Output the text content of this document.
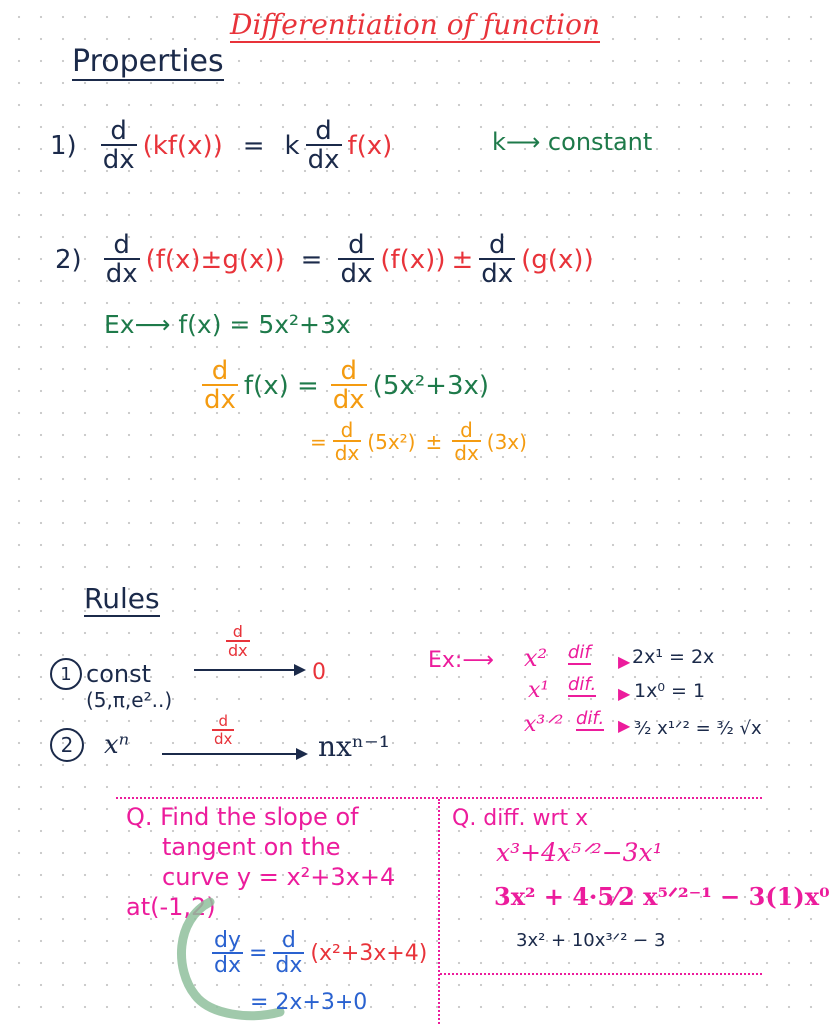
Differentiation of function
Properties
$1) \frac{d}{dx} (kf(x)) = k \frac{d}{dx} f(x)$	k⟶ constant
$2) \frac{d}{dx} (f(x)\pm g(x)) = \frac{d}{dx} (f(x)) \pm \frac{d}{dx} (g(x))$
Ex⟶ f(x) = 5x²+3x
$\frac{d}{dx} f(x) = \frac{d}{dx} (5x^2+3x)$
= $\frac{d}{dx} (5x^2) \pm \frac{d}{dx} (3x)$
Rules
1 const
(5,π,e²..)
$\frac{d}{dx}$
0
2	xⁿ	$\frac{d}{dx}$	nxⁿ⁻¹
Ex:⟶ x² dif ▶ 2x¹ = 2x
x¹ dif. ▶ 1x⁰ = 1
x³ᐟ² dif. ▶ ³⁄₂ x¹ᐟ² = ³⁄₂ √x
Q. Find the slope of
tangent on the
curve y = x²+3x+4
at(-1,2)
$\frac{dy}{dx} = \frac{d}{dx} (x^2+3x+4)$
= 2x+3+0
Q. diff. wrt x
x³+4x⁵ᐟ²−3x¹
3x² + 4·5⁄2 x⁵ᐟ²⁻¹ − 3(1)x⁰
3x² + 10x³ᐟ² − 3
